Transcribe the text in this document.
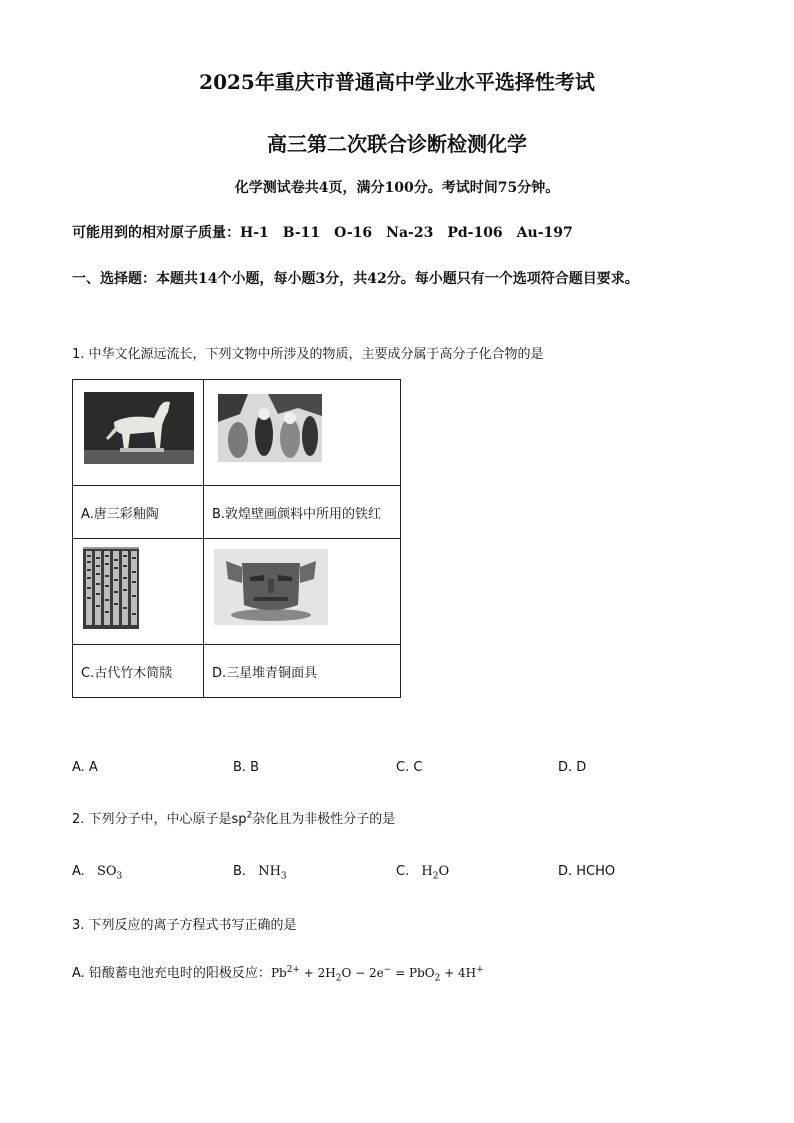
2025年重庆市普通高中学业水平选择性考试
高三第二次联合诊断检测化学
化学测试卷共4页，满分100分。考试时间75分钟。
可能用到的相对原子质量：H-1　B-11　O-16　Na-23　Pd-106　Au-197
一、选择题：本题共14个小题，每小题3分，共42分。每小题只有一个选项符合题目要求。
1. 中华文化源远流长，下列文物中所涉及的物质，主要成分属于高分子化合物的是

A.唐三彩釉陶	B.敦煌壁画颜料中所用的铁红

C.古代竹木简牍	D.三星堆青铜面具
A. A	B. B	C. C	D. D
2. 下列分子中，中心原子是$sp^2$杂化且为非极性分子的是
A. $SO_3$	B. $NH_3$	C. $H_2O$	D. HCHO
3. 下列反应的离子方程式书写正确的是
A. 铅酸蓄电池充电时的阳极反应：$Pb^{2+} + 2H_2O - 2e^- = PbO_2 + 4H^+$
